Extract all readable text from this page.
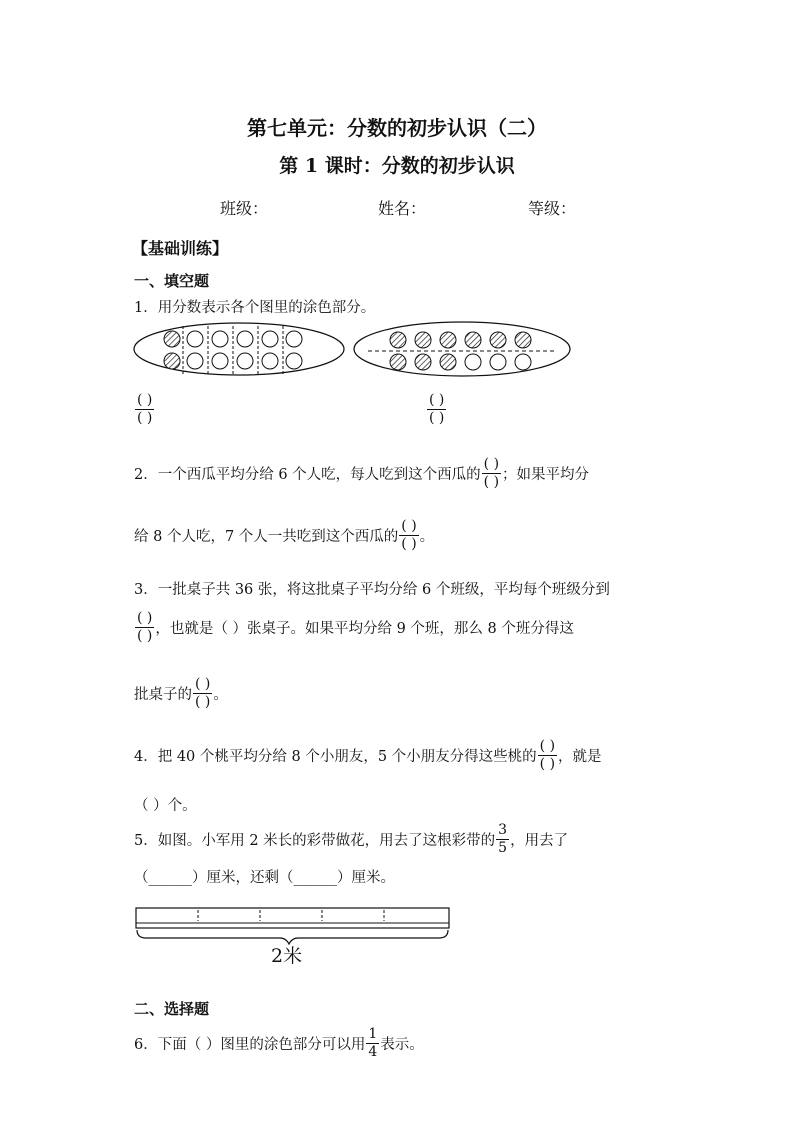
第七单元：分数的初步认识（二）
第 1 课时：分数的初步认识
班级：	姓名：	等级：
【基础训练】
一、填空题
1．用分数表示各个图里的涂色部分。
$\frac{( )}{( )}$	$\frac{( )}{( )}$
2．一个西瓜平均分给 6 个人吃，每人吃到这个西瓜的 $\frac{( )}{( )}$ ；如果平均分
给 8 个人吃，7 个人一共吃到这个西瓜的 $\frac{( )}{( )}$ 。
3．一批桌子共 36 张，将这批桌子平均分给 6 个班级，平均每个班级分到
$\frac{( )}{( )}$ ，也就是（ ）张桌子。如果平均分给 9 个班，那么 8 个班分得这
批桌子的 $\frac{( )}{( )}$ 。
4．把 40 个桃平均分给 8 个小朋友，5 个小朋友分得这些桃的 $\frac{( )}{( )}$ ，就是
（ ）个。
5．如图。小军用 2 米长的彩带做花，用去了这根彩带的 $\frac{3}{5}$ ，用去了
（______）厘米，还剩（______）厘米。
2米
二、选择题
6．下面（ ）图里的涂色部分可以用 $\frac{1}{4}$ 表示。
